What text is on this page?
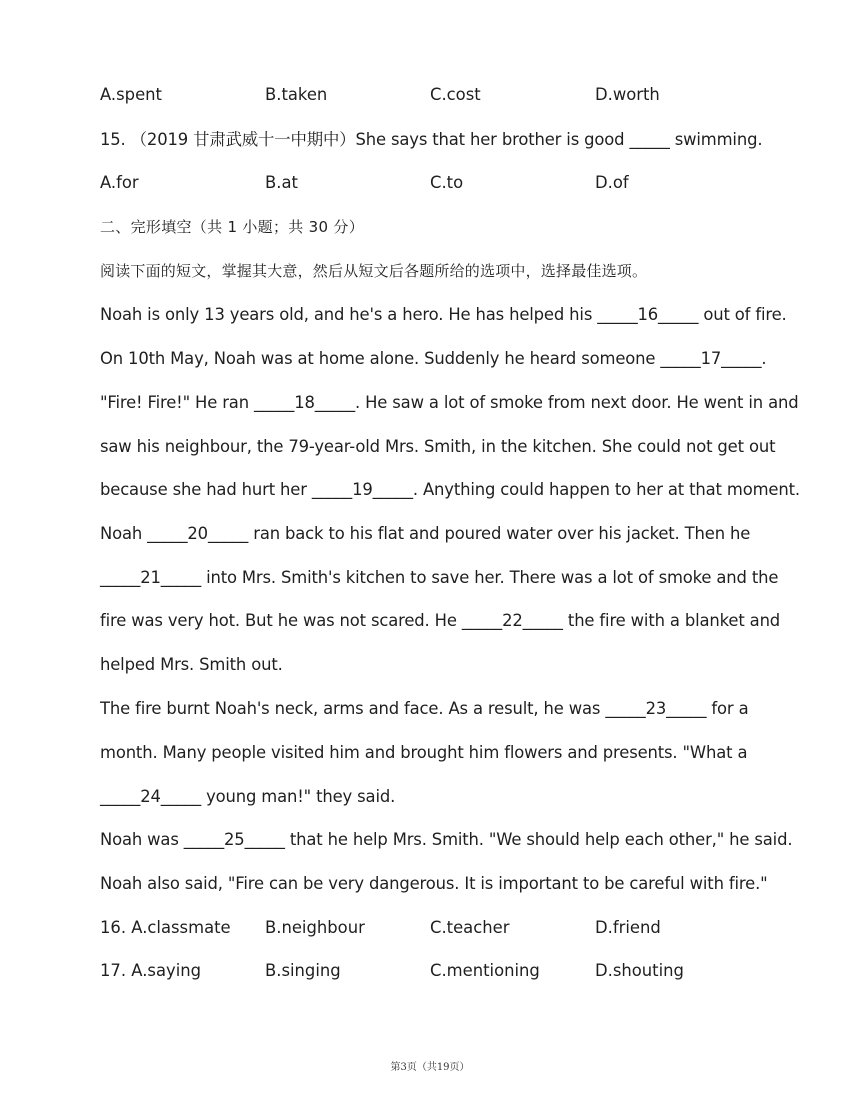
A.spent	B.taken	C.cost	D.worth
15. （2019 甘肃武威十一中期中）She says that her brother is good _____ swimming.
A.for	B.at	C.to	D.of
二、完形填空（共 1 小题；共 30 分）
阅读下面的短文，掌握其大意，然后从短文后各题所给的选项中，选择最佳选项。
Noah is only 13 years old, and he's a hero. He has helped his _____16_____ out of fire.
On 10th May, Noah was at home alone. Suddenly he heard someone _____17_____.
"Fire! Fire!" He ran _____18_____. He saw a lot of smoke from next door. He went in and
saw his neighbour, the 79-year-old Mrs. Smith, in the kitchen. She could not get out
because she had hurt her _____19_____. Anything could happen to her at that moment.
Noah _____20_____ ran back to his flat and poured water over his jacket. Then he
_____21_____ into Mrs. Smith's kitchen to save her. There was a lot of smoke and the
fire was very hot. But he was not scared. He _____22_____ the fire with a blanket and
helped Mrs. Smith out.
The fire burnt Noah's neck, arms and face. As a result, he was _____23_____ for a
month. Many people visited him and brought him flowers and presents. "What a
_____24_____ young man!" they said.
Noah was _____25_____ that he help Mrs. Smith. "We should help each other," he said.
Noah also said, "Fire can be very dangerous. It is important to be careful with fire."
16. A.classmate B.neighbour	C.teacher	D.friend
17. A.saying	B.singing	C.mentioning	D.shouting
第3页（共19页）
